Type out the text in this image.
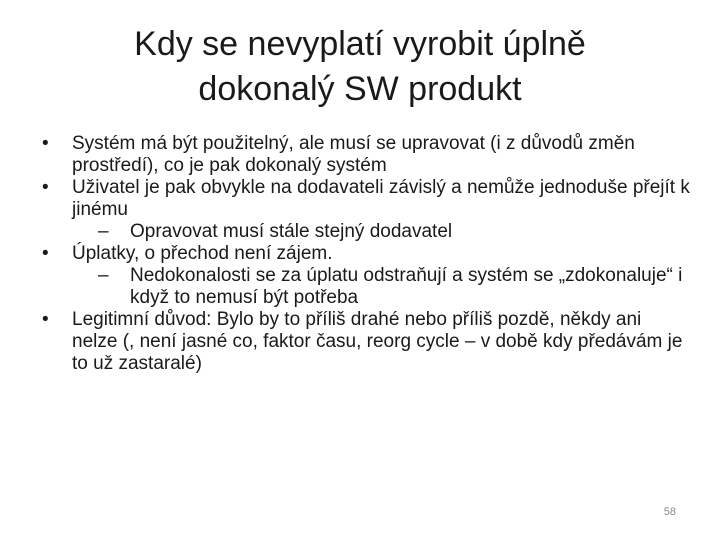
Kdy se nevyplatí vyrobit úplně
dokonalý SW produkt
• Systém má být použitelný, ale musí se upravovat (i z důvodů změn prostředí), co je pak dokonalý systém
• Uživatel je pak obvykle na dodavateli závislý a nemůže jednoduše přejít k jinému
– Opravovat musí stále stejný dodavatel
• Úplatky, o přechod není zájem.
– Nedokonalosti se za úplatu odstraňují a systém se „zdokonaluje“ i když to nemusí být potřeba
• Legitimní důvod: Bylo by to příliš drahé nebo příliš pozdě, někdy ani nelze (, není jasné co, faktor času, reorg cycle – v době kdy předávám je to už zastaralé)
58
